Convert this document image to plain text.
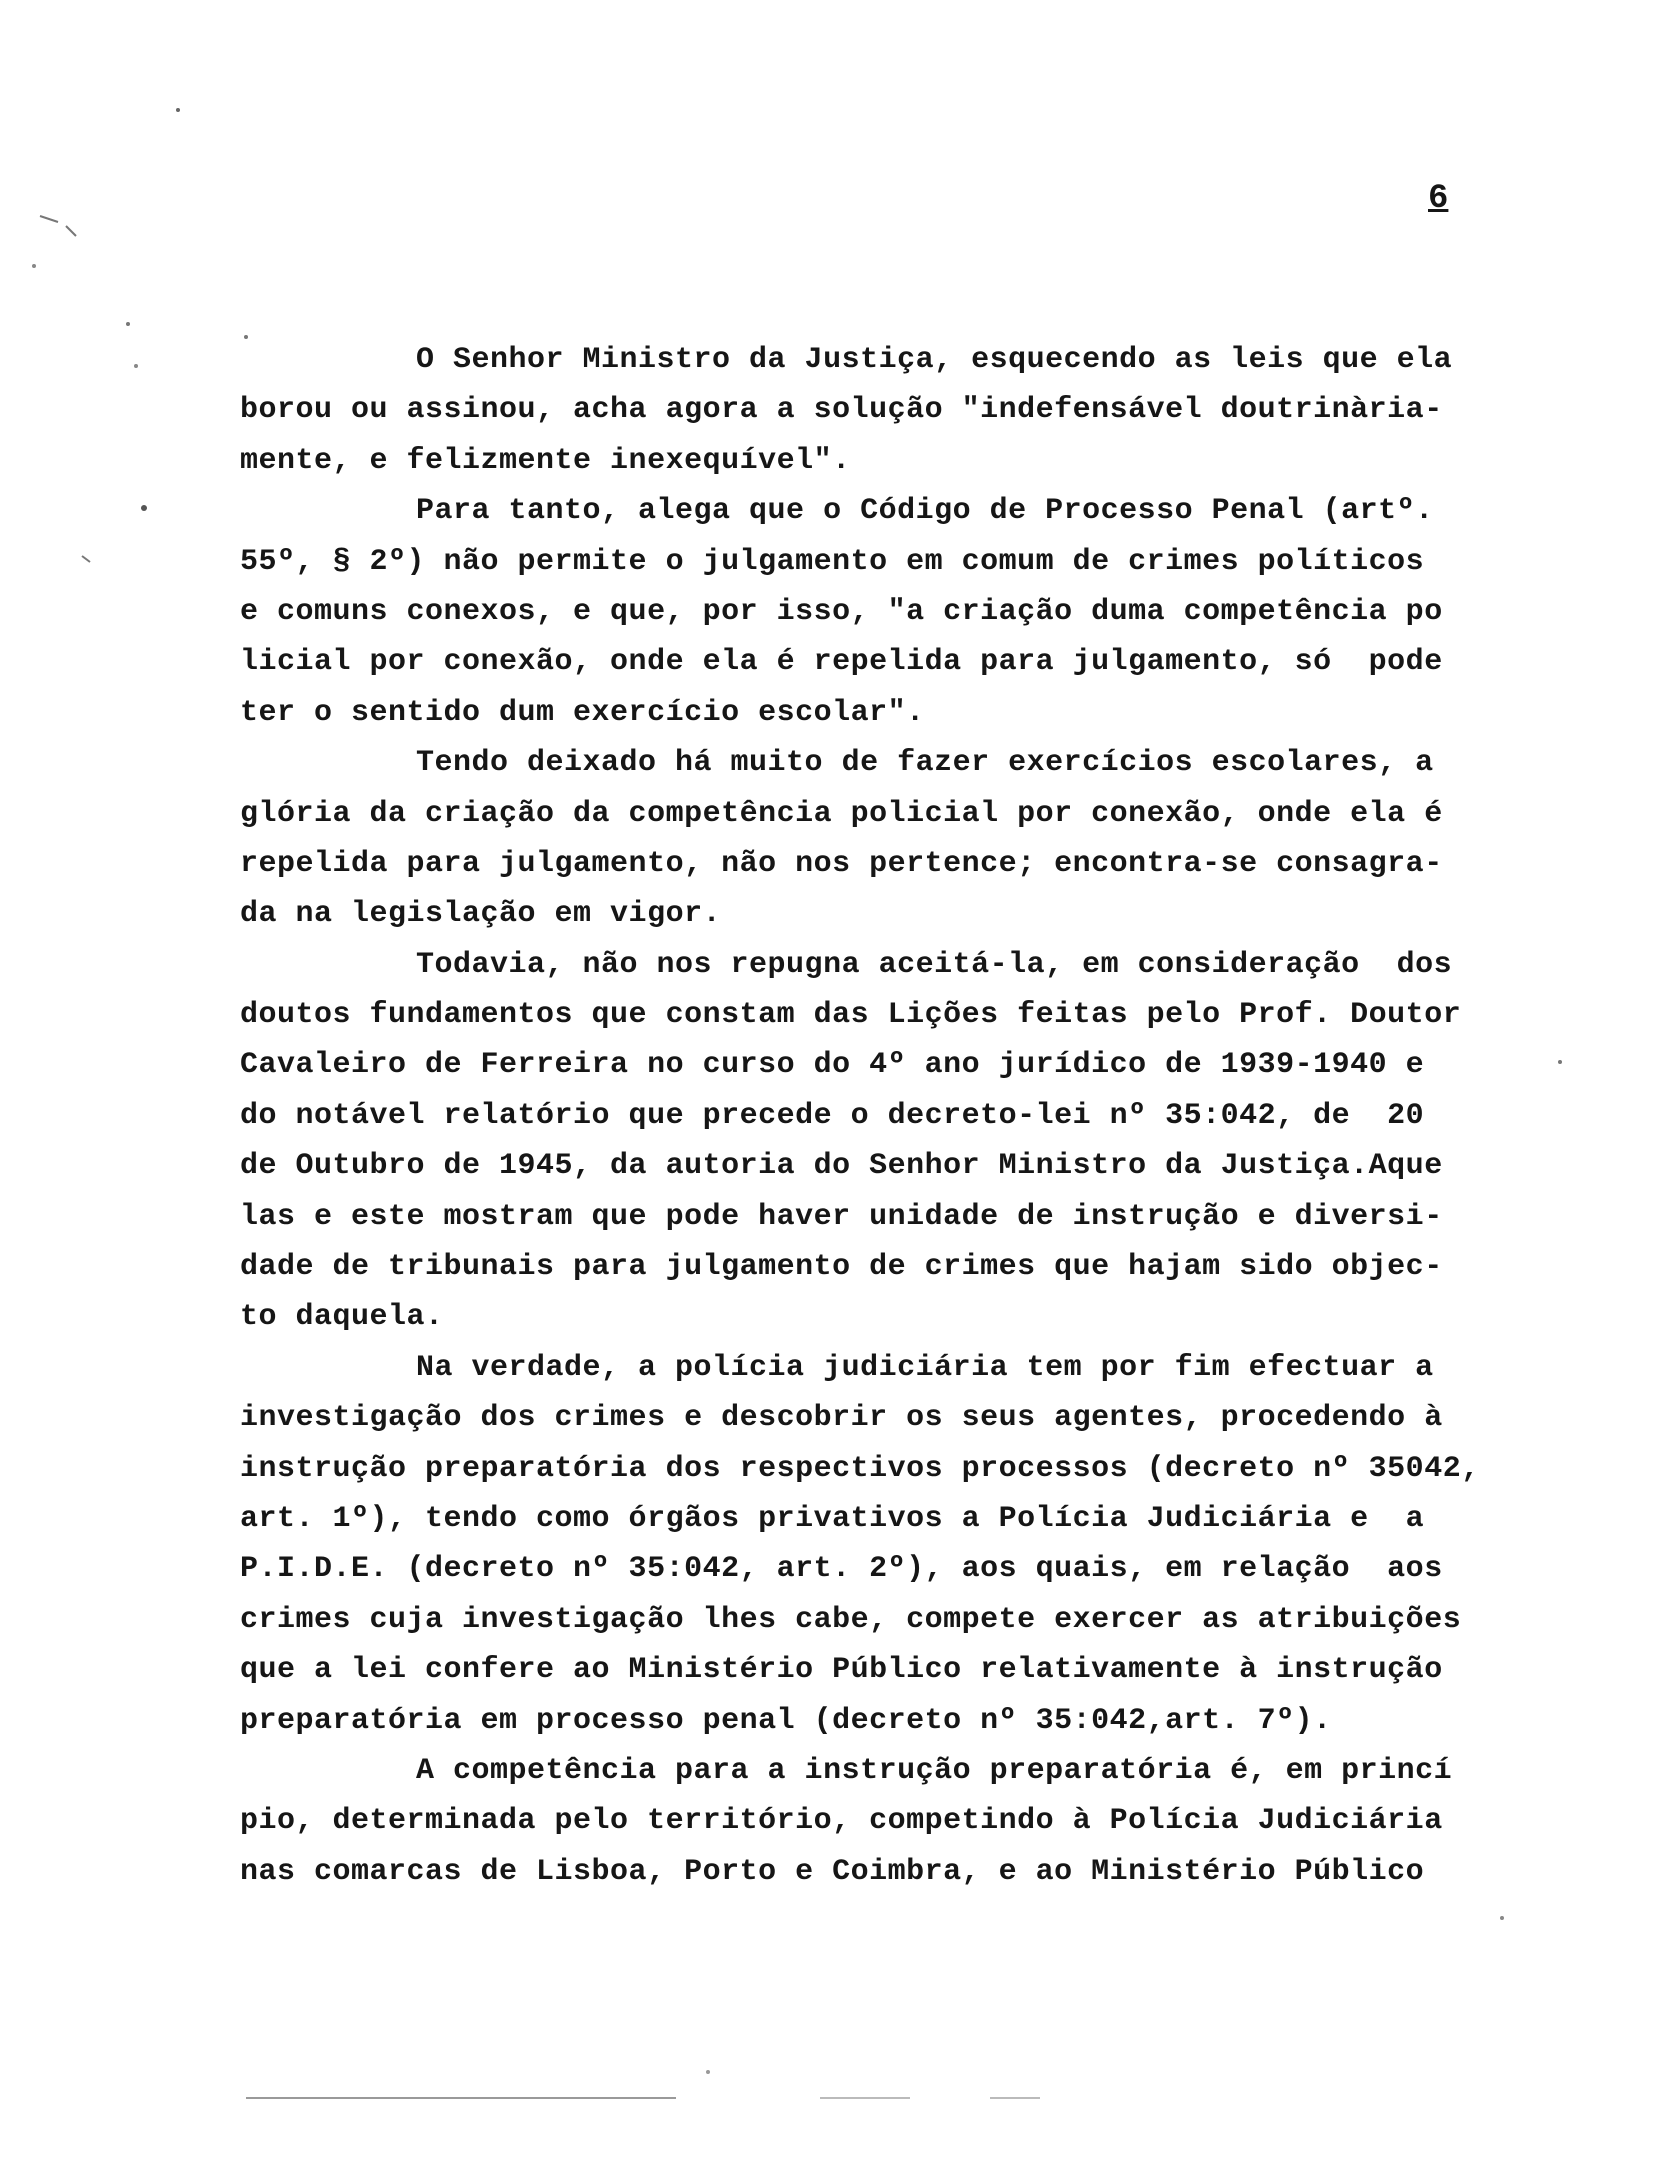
6
O Senhor Ministro da Justiça, esquecendo as leis que ela
borou ou assinou, acha agora a solução "indefensável doutrinària-
mente, e felizmente inexequível".
Para tanto, alega que o Código de Processo Penal (artº.
55º, § 2º) não permite o julgamento em comum de crimes políticos
e comuns conexos, e que, por isso, "a criação duma competência po
licial por conexão, onde ela é repelida para julgamento, só  pode
ter o sentido dum exercício escolar".
Tendo deixado há muito de fazer exercícios escolares, a
glória da criação da competência policial por conexão, onde ela é
repelida para julgamento, não nos pertence; encontra-se consagra-
da na legislação em vigor.
Todavia, não nos repugna aceitá-la, em consideração  dos
doutos fundamentos que constam das Lições feitas pelo Prof. Doutor
Cavaleiro de Ferreira no curso do 4º ano jurídico de 1939-1940 e
do notável relatório que precede o decreto-lei nº 35:042, de  20
de Outubro de 1945, da autoria do Senhor Ministro da Justiça.Aque
las e este mostram que pode haver unidade de instrução e diversi-
dade de tribunais para julgamento de crimes que hajam sido objec-
to daquela.
Na verdade, a polícia judiciária tem por fim efectuar a
investigação dos crimes e descobrir os seus agentes, procedendo à
instrução preparatória dos respectivos processos (decreto nº 35042,
art. 1º), tendo como órgãos privativos a Polícia Judiciária e  a
P.I.D.E. (decreto nº 35:042, art. 2º), aos quais, em relação  aos
crimes cuja investigação lhes cabe, compete exercer as atribuições
que a lei confere ao Ministério Público relativamente à instrução
preparatória em processo penal (decreto nº 35:042,art. 7º).
A competência para a instrução preparatória é, em princí
pio, determinada pelo território, competindo à Polícia Judiciária
nas comarcas de Lisboa, Porto e Coimbra, e ao Ministério Público
